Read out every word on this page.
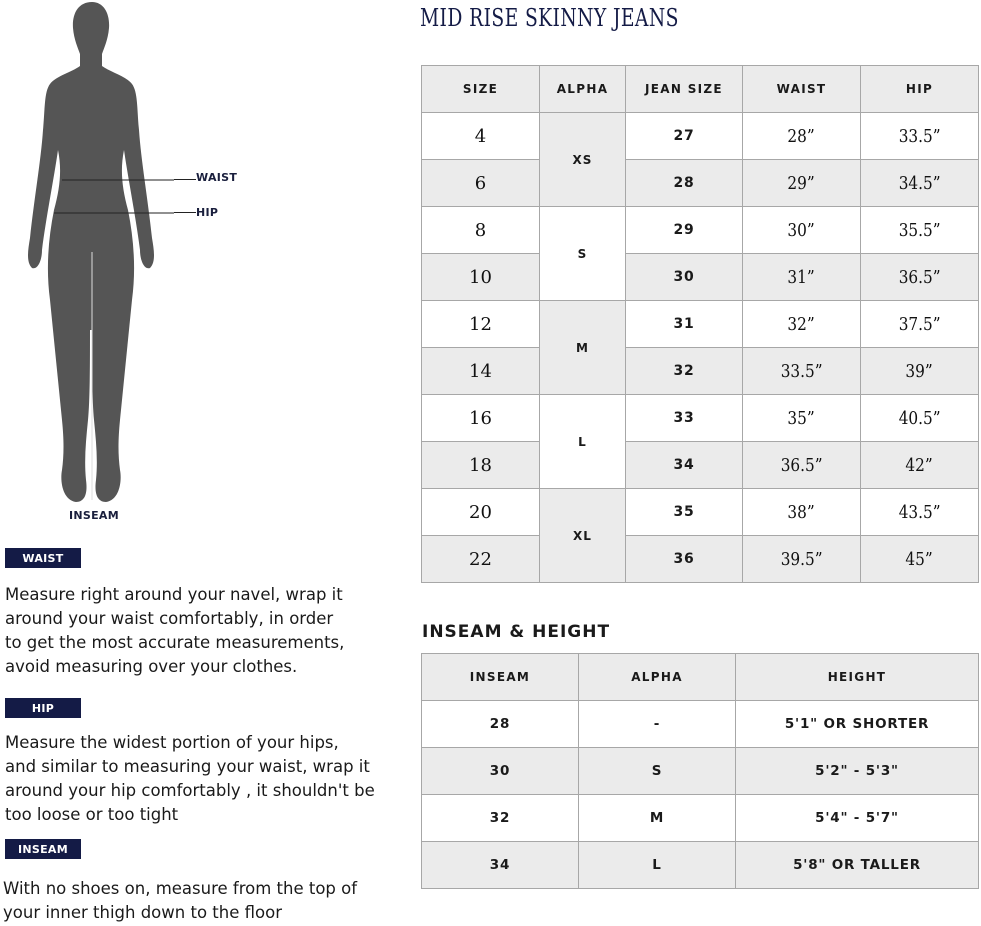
WAIST
HIP
INSEAM
WAIST
Measure right around your navel, wrap it
around your waist comfortably, in order
to get the most accurate measurements,
avoid measuring over your clothes.
HIP
Measure the widest portion of your hips,
and similar to measuring your waist, wrap it
around your hip comfortably , it shouldn't be
too loose or too tight
INSEAM
With no shoes on, measure from the top of
your inner thigh down to the floor
MID RISE SKINNY JEANS
SIZE	ALPHA	JEAN SIZE	WAIST	HIP
4	XS	27	28”	33.5”
6		28	29”	34.5”
8	S	29	30”	35.5”
10		30	31”	36.5”
12	M	31	32”	37.5”
14		32	33.5”	39”
16	L	33	35”	40.5”
18		34	36.5”	42”
20	XL	35	38”	43.5”
22		36	39.5”	45”
INSEAM & HEIGHT
INSEAM	ALPHA	HEIGHT
28	-	5'1" OR SHORTER
30	S	5'2" - 5'3"
32	M	5'4" - 5'7"
34	L	5'8" OR TALLER
